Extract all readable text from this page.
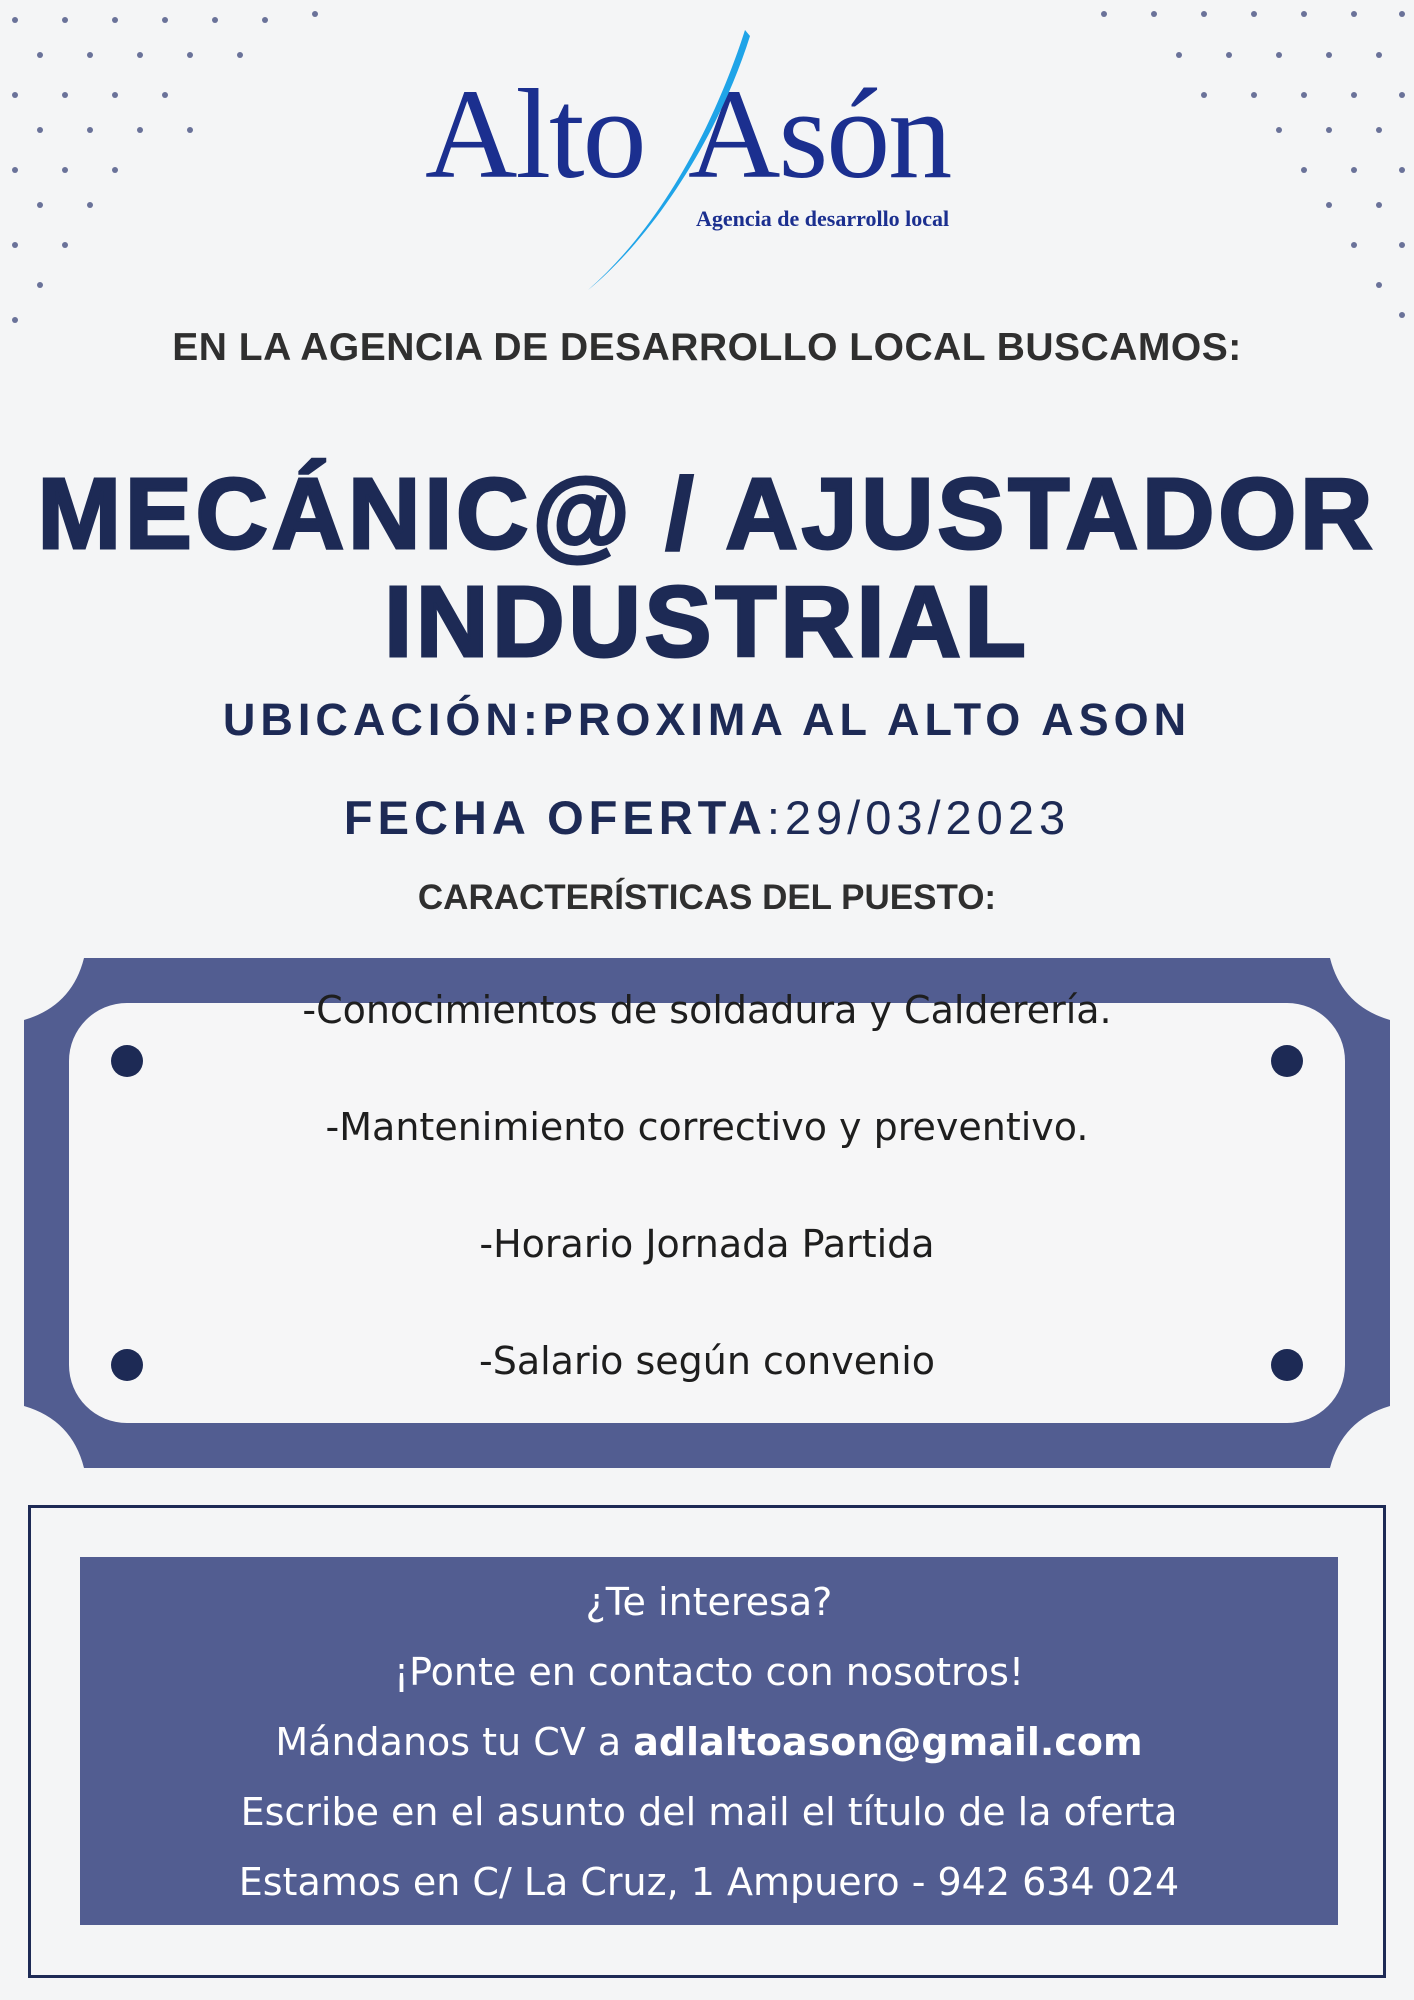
Alto Asón
Agencia de desarrollo local
EN LA AGENCIA DE DESARROLLO LOCAL BUSCAMOS:
MECÁNIC@ / AJUSTADOR
INDUSTRIAL
UBICACIÓN:PROXIMA AL ALTO ASON
FECHA OFERTA:29/03/2023
CARACTERÍSTICAS DEL PUESTO:
-Conocimientos de soldadura y Calderería.
-Mantenimiento correctivo y preventivo.
-Horario Jornada Partida
-Salario según convenio

¿Te interesa?

¡Ponte en contacto con nosotros!

Mándanos tu CV a adlaltoason@gmail.com

Escribe en el asunto del mail el título de la oferta

Estamos en C/ La Cruz, 1 Ampuero - 942 634 024
